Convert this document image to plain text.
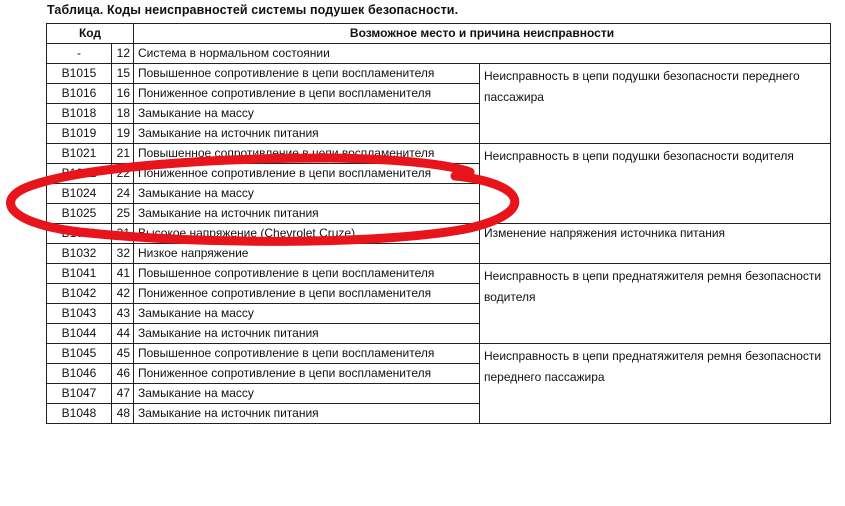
Таблица. Коды неисправностей системы подушек безопасности.
Код		Возможное место и причина неисправности	
-	12	Система в нормальном состоянии	
B1015	15	Повышенное сопротивление в цепи воспламенителя	Неисправность в цепи подушки безопасности переднего пассажира
B1016	16	Пониженное сопротивление в цепи воспламенителя	
B1018	18	Замыкание на массу	
B1019	19	Замыкание на источник питания	
B1021	21	Повышенное сопротивление в цепи воспламенителя	Неисправность в цепи подушки безопасности водителя
B1022	22	Пониженное сопротивление в цепи воспламенителя	
B1024	24	Замыкание на массу	
B1025	25	Замыкание на источник питания	
B1031	31	Высокое напряжение (Chevrolet Cruze)	Изменение напряжения источника питания
B1032	32	Низкое напряжение	
B1041	41	Повышенное сопротивление в цепи воспламенителя	Неисправность в цепи преднатяжителя ремня безопасности водителя
B1042	42	Пониженное сопротивление в цепи воспламенителя	
B1043	43	Замыкание на массу	
B1044	44	Замыкание на источник питания	
B1045	45	Повышенное сопротивление в цепи воспламенителя	Неисправность в цепи преднатяжителя ремня безопасности переднего пассажира
B1046	46	Пониженное сопротивление в цепи воспламенителя	
B1047	47	Замыкание на массу	
B1048	48	Замыкание на источник питания	
